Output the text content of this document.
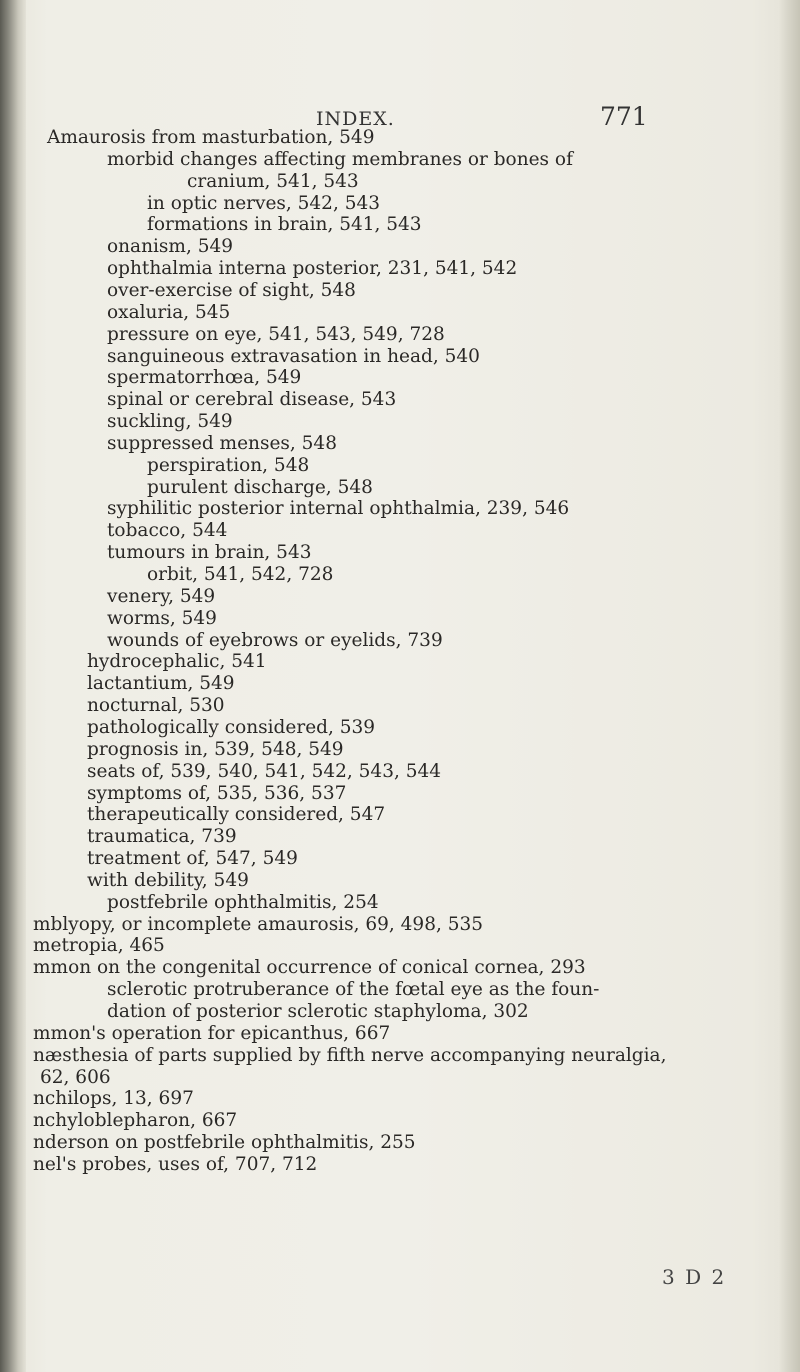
INDEX.	771
Amaurosis from masturbation, 549
morbid changes affecting membranes or bones of
cranium, 541, 543
in optic nerves, 542, 543
formations in brain, 541, 543
onanism, 549
ophthalmia interna posterior, 231, 541, 542
over-exercise of sight, 548
oxaluria, 545
pressure on eye, 541, 543, 549, 728
sanguineous extravasation in head, 540
spermatorrhœa, 549
spinal or cerebral disease, 543
suckling, 549
suppressed menses, 548
perspiration, 548
purulent discharge, 548
syphilitic posterior internal ophthalmia, 239, 546
tobacco, 544
tumours in brain, 543
orbit, 541, 542, 728
venery, 549
worms, 549
wounds of eyebrows or eyelids, 739
hydrocephalic, 541
lactantium, 549
nocturnal, 530
pathologically considered, 539
prognosis in, 539, 548, 549
seats of, 539, 540, 541, 542, 543, 544
symptoms of, 535, 536, 537
therapeutically considered, 547
traumatica, 739
treatment of, 547, 549
with debility, 549
postfebrile ophthalmitis, 254
mblyopy, or incomplete amaurosis, 69, 498, 535
metropia, 465
mmon on the congenital occurrence of conical cornea, 293
sclerotic protruberance of the fœtal eye as the foun-
dation of posterior sclerotic staphyloma, 302
mmon's operation for epicanthus, 667
næsthesia of parts supplied by fifth nerve accompanying neuralgia,
62, 606
nchilops, 13, 697
nchyloblepharon, 667
nderson on postfebrile ophthalmitis, 255
nel's probes, uses of, 707, 712
3 D 2
